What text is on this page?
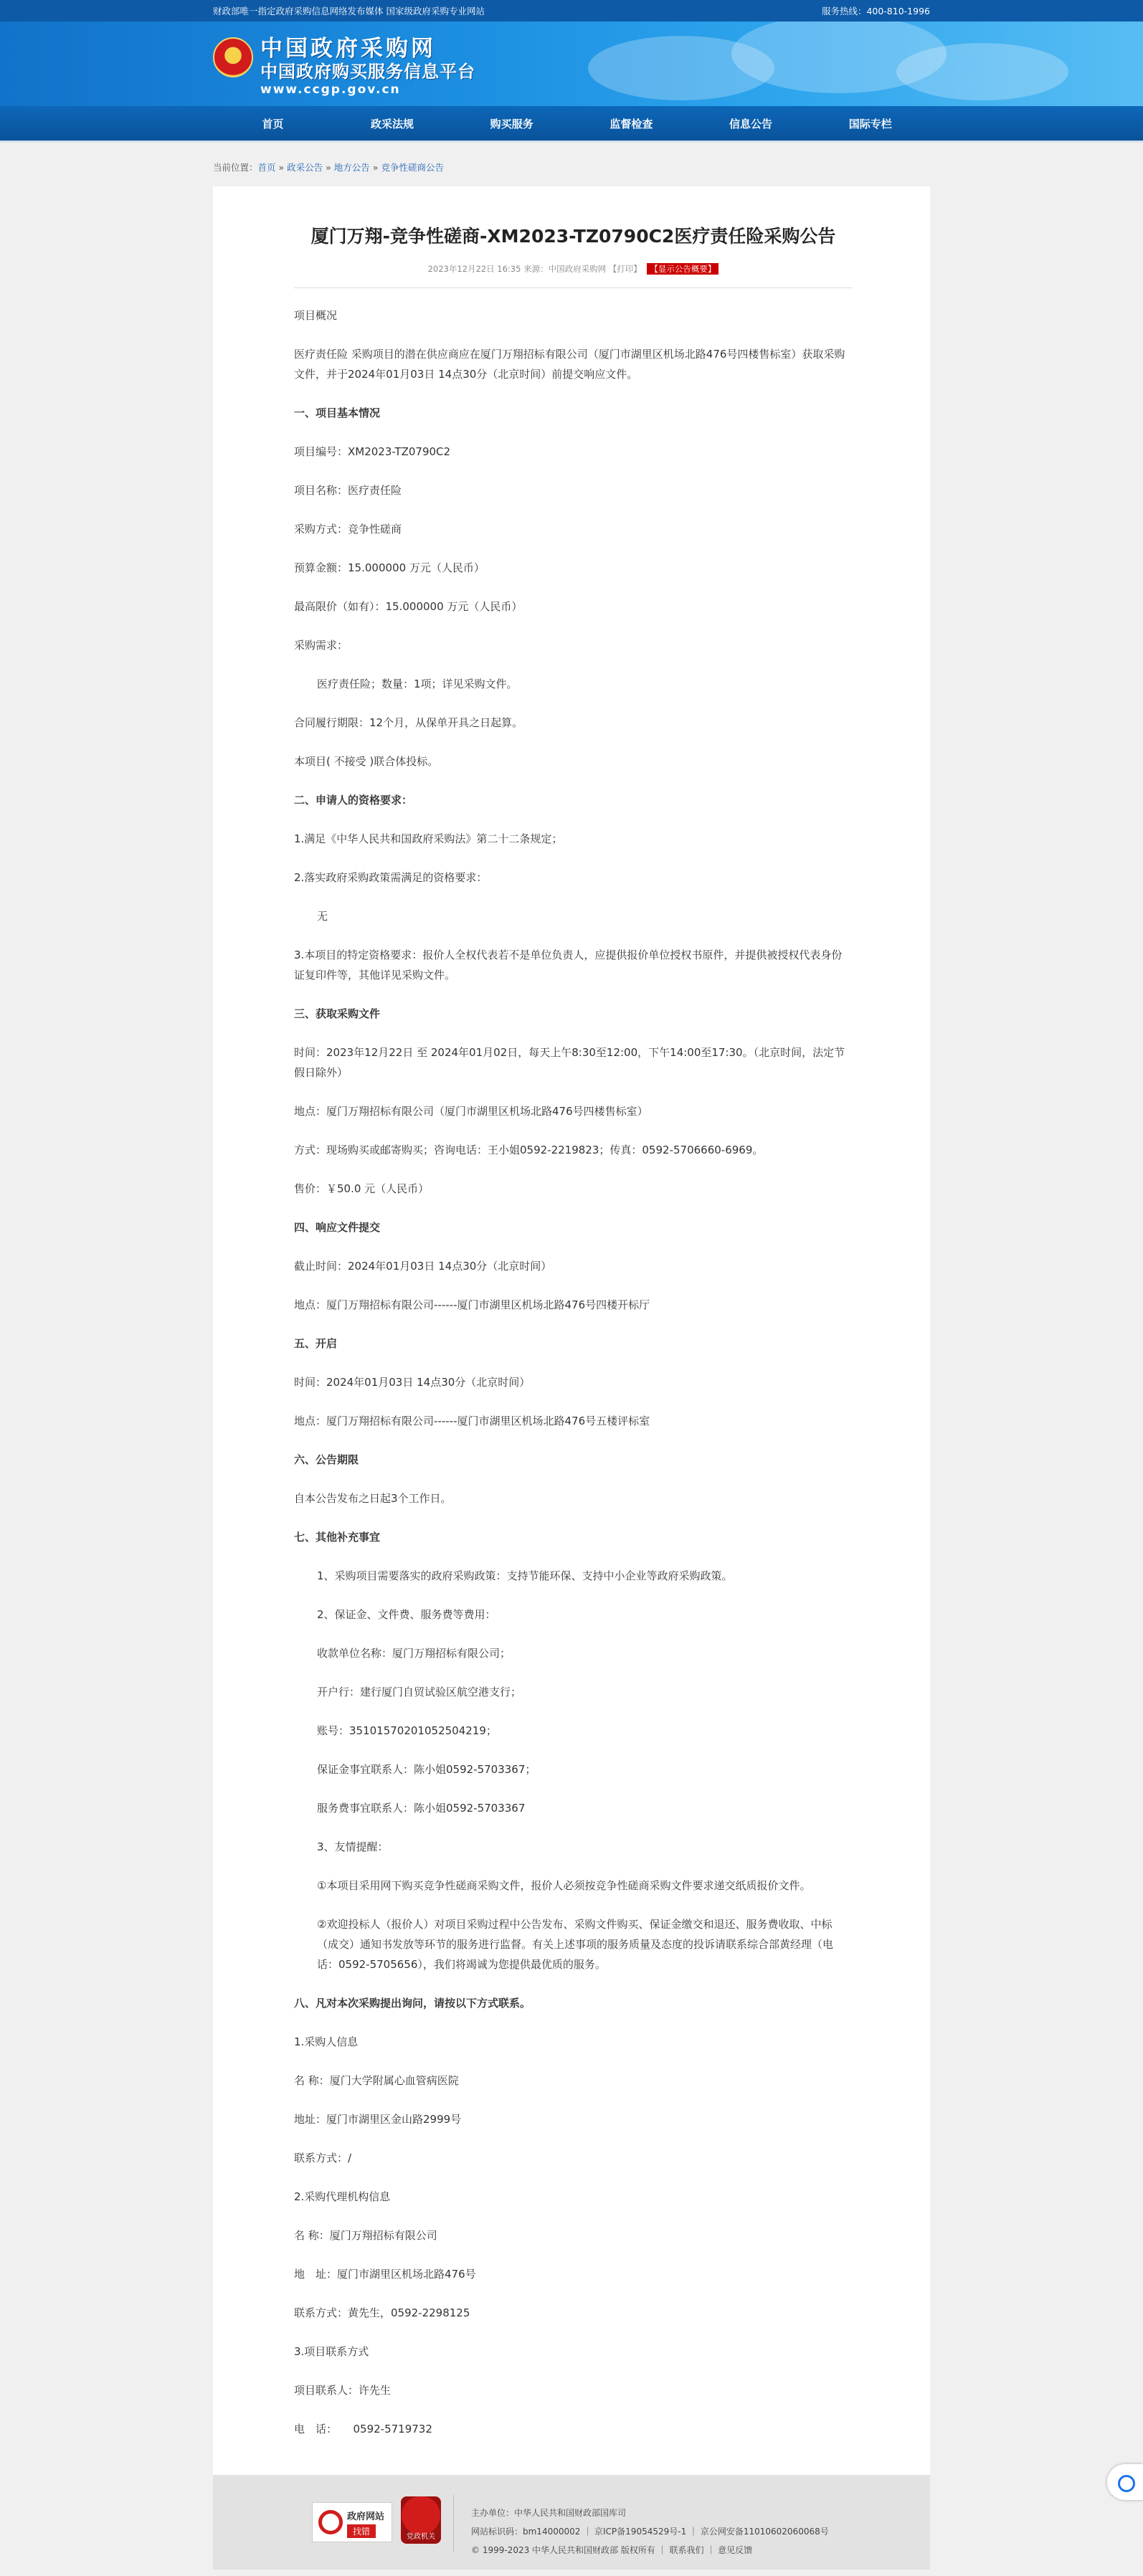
财政部唯一指定政府采购信息网络发布媒体 国家级政府采购专业网站	服务热线：400-810-1996
中国政府采购网
中国政府购买服务信息平台
www.ccgp.gov.cn
首页	政采法规	购买服务	监督检查	信息公告	国际专栏
当前位置：首页 » 政采公告 » 地方公告 » 竞争性磋商公告
厦门万翔-竞争性磋商-XM2023-TZ0790C2医疗责任险采购公告
2023年12月22日 16:35 来源：中国政府采购网 【打印】 【显示公告概要】

项目概况

医疗责任险 采购项目的潜在供应商应在厦门万翔招标有限公司（厦门市湖里区机场北路476号四楼售标室）获取采购文件，并于2024年01月03日 14点30分（北京时间）前提交响应文件。

一、项目基本情况

项目编号：XM2023-TZ0790C2

项目名称：医疗责任险

采购方式：竞争性磋商

预算金额：15.000000 万元（人民币）

最高限价（如有）：15.000000 万元（人民币）

采购需求：

医疗责任险；数量：1项；详见采购文件。

合同履行期限：12个月，从保单开具之日起算。

本项目( 不接受 )联合体投标。

二、申请人的资格要求：

1.满足《中华人民共和国政府采购法》第二十二条规定；

2.落实政府采购政策需满足的资格要求：

无

3.本项目的特定资格要求：报价人全权代表若不是单位负责人，应提供报价单位授权书原件，并提供被授权代表身份证复印件等，其他详见采购文件。

三、获取采购文件

时间：2023年12月22日 至 2024年01月02日，每天上午8:30至12:00，下午14:00至17:30。（北京时间，法定节假日除外）

地点：厦门万翔招标有限公司（厦门市湖里区机场北路476号四楼售标室）

方式：现场购买或邮寄购买；咨询电话：王小姐0592-2219823；传真：0592-5706660-6969。

售价：￥50.0 元（人民币）

四、响应文件提交

截止时间：2024年01月03日 14点30分（北京时间）

地点：厦门万翔招标有限公司------厦门市湖里区机场北路476号四楼开标厅

五、开启

时间：2024年01月03日 14点30分（北京时间）

地点：厦门万翔招标有限公司------厦门市湖里区机场北路476号五楼评标室

六、公告期限

自本公告发布之日起3个工作日。

七、其他补充事宜

1、采购项目需要落实的政府采购政策：支持节能环保、支持中小企业等政府采购政策。

2、保证金、文件费、服务费等费用：

收款单位名称：厦门万翔招标有限公司；

开户行：建行厦门自贸试验区航空港支行；

账号：35101570201052504219；

保证金事宜联系人：陈小姐0592-5703367；

服务费事宜联系人：陈小姐0592-5703367

3、友情提醒：

①本项目采用网下购买竞争性磋商采购文件，报价人必须按竞争性磋商采购文件要求递交纸质报价文件。

②欢迎投标人（报价人）对项目采购过程中公告发布、采购文件购买、保证金缴交和退还、服务费收取、中标（成交）通知书发放等环节的服务进行监督。有关上述事项的服务质量及态度的投诉请联系综合部黄经理（电话：0592-5705656），我们将竭诚为您提供最优质的服务。

八、凡对本次采购提出询问，请按以下方式联系。

1.采购人信息

名 称：厦门大学附属心血管病医院

地址：厦门市湖里区金山路2999号

联系方式：/

2.采购代理机构信息

名 称：厦门万翔招标有限公司

地　址：厦门市湖里区机场北路476号

联系方式：黄先生，0592-2298125

3.项目联系方式

项目联系人：许先生

电　话：　　0592-5719732

政府网站
找错
党政机关
主办单位：中华人民共和国财政部国库司
网站标识码：bm14000002 ｜ 京ICP备19054529号-1 ｜ 京公网安备11010602060068号
© 1999-2023 中华人民共和国财政部 版权所有 ｜ 联系我们 ｜ 意见反馈
